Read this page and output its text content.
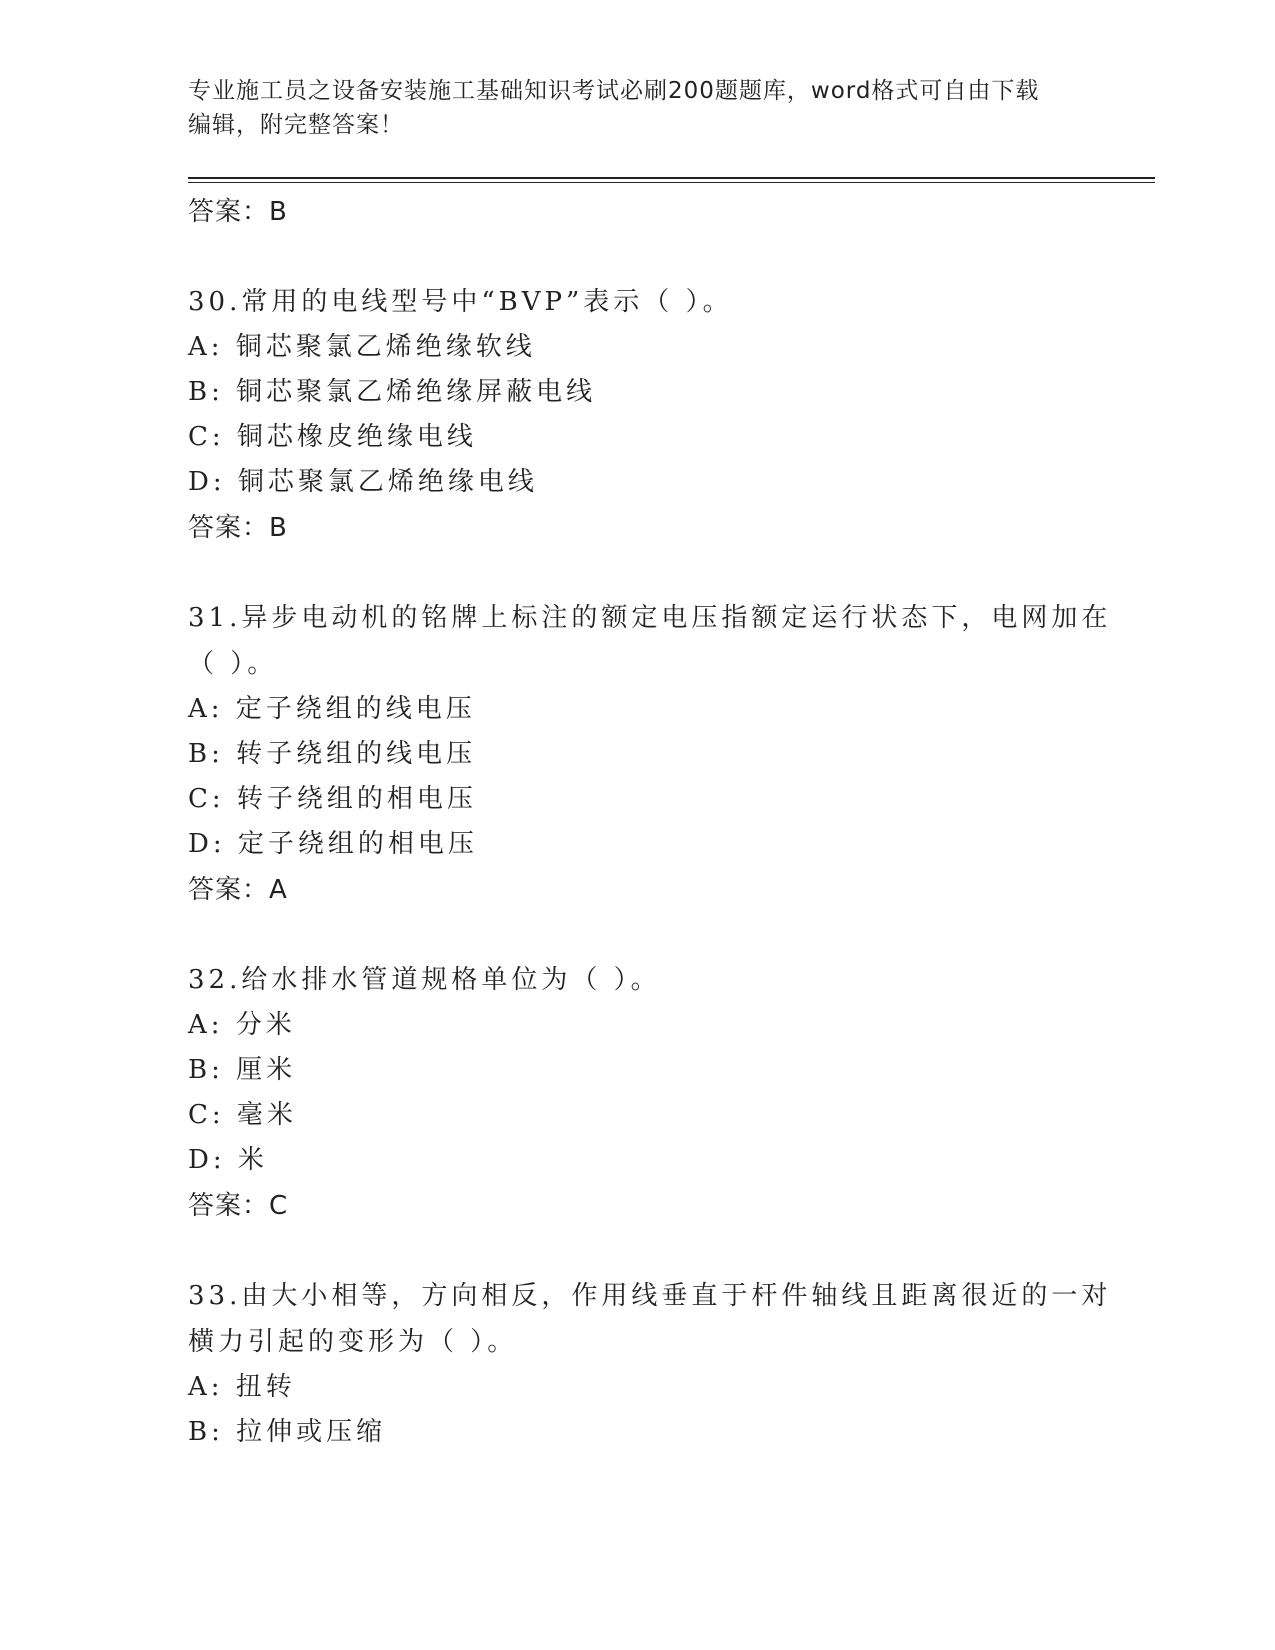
专业施工员之设备安装施工基础知识考试必刷200题题库，word格式可自由下载
编辑，附完整答案！
答案：B
30.常用的电线型号中“BVP”表示（ ）。
A: 铜芯聚氯乙烯绝缘软线
B: 铜芯聚氯乙烯绝缘屏蔽电线
C: 铜芯橡皮绝缘电线
D: 铜芯聚氯乙烯绝缘电线
答案：B
31.异步电动机的铭牌上标注的额定电压指额定运行状态下，电网加在
（ ）。
A: 定子绕组的线电压
B: 转子绕组的线电压
C: 转子绕组的相电压
D: 定子绕组的相电压
答案：A
32.给水排水管道规格单位为（ ）。
A: 分米
B: 厘米
C: 毫米
D: 米
答案：C
33.由大小相等，方向相反，作用线垂直于杆件轴线且距离很近的一对
横力引起的变形为（ ）。
A: 扭转
B: 拉伸或压缩
